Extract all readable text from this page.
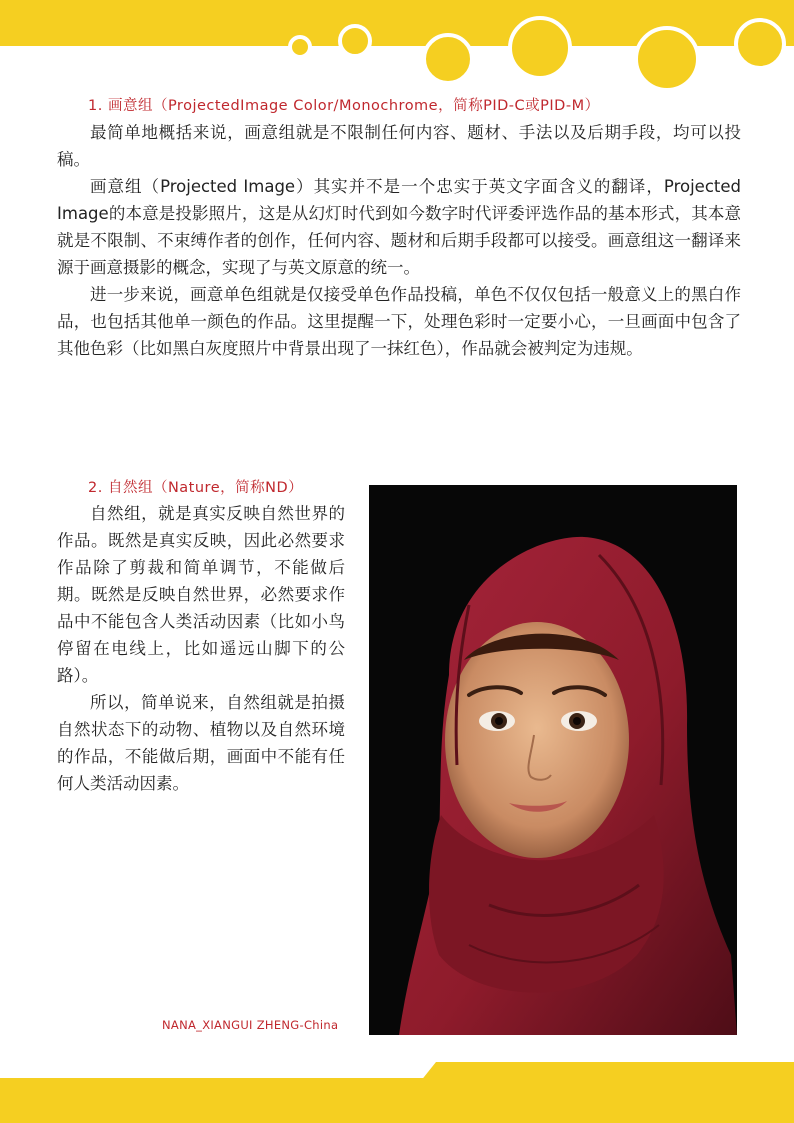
1. 画意组（ProjectedImage Color/Monochrome，简称PID-C或PID-M）

最简单地概括来说，画意组就是不限制任何内容、题材、手法以及后期手段，均可以投稿。

画意组（Projected Image）其实并不是一个忠实于英文字面含义的翻译，Projected Image的本意是投影照片，这是从幻灯时代到如今数字时代评委评选作品的基本形式，其本意就是不限制、不束缚作者的创作，任何内容、题材和后期手段都可以接受。画意组这一翻译来源于画意摄影的概念，实现了与英文原意的统一。

进一步来说，画意单色组就是仅接受单色作品投稿，单色不仅仅包括一般意义上的黑白作品，也包括其他单一颜色的作品。这里提醒一下，处理色彩时一定要小心，一旦画面中包含了其他色彩（比如黑白灰度照片中背景出现了一抹红色），作品就会被判定为违规。

2. 自然组（Nature，简称ND）

自然组，就是真实反映自然世界的作品。既然是真实反映，因此必然要求作品除了剪裁和简单调节，不能做后期。既然是反映自然世界，必然要求作品中不能包含人类活动因素（比如小鸟停留在电线上，比如遥远山脚下的公路）。

所以，简单说来，自然组就是拍摄自然状态下的动物、植物以及自然环境的作品，不能做后期，画面中不能有任何人类活动因素。

NANA_XIANGUI ZHENG-China
